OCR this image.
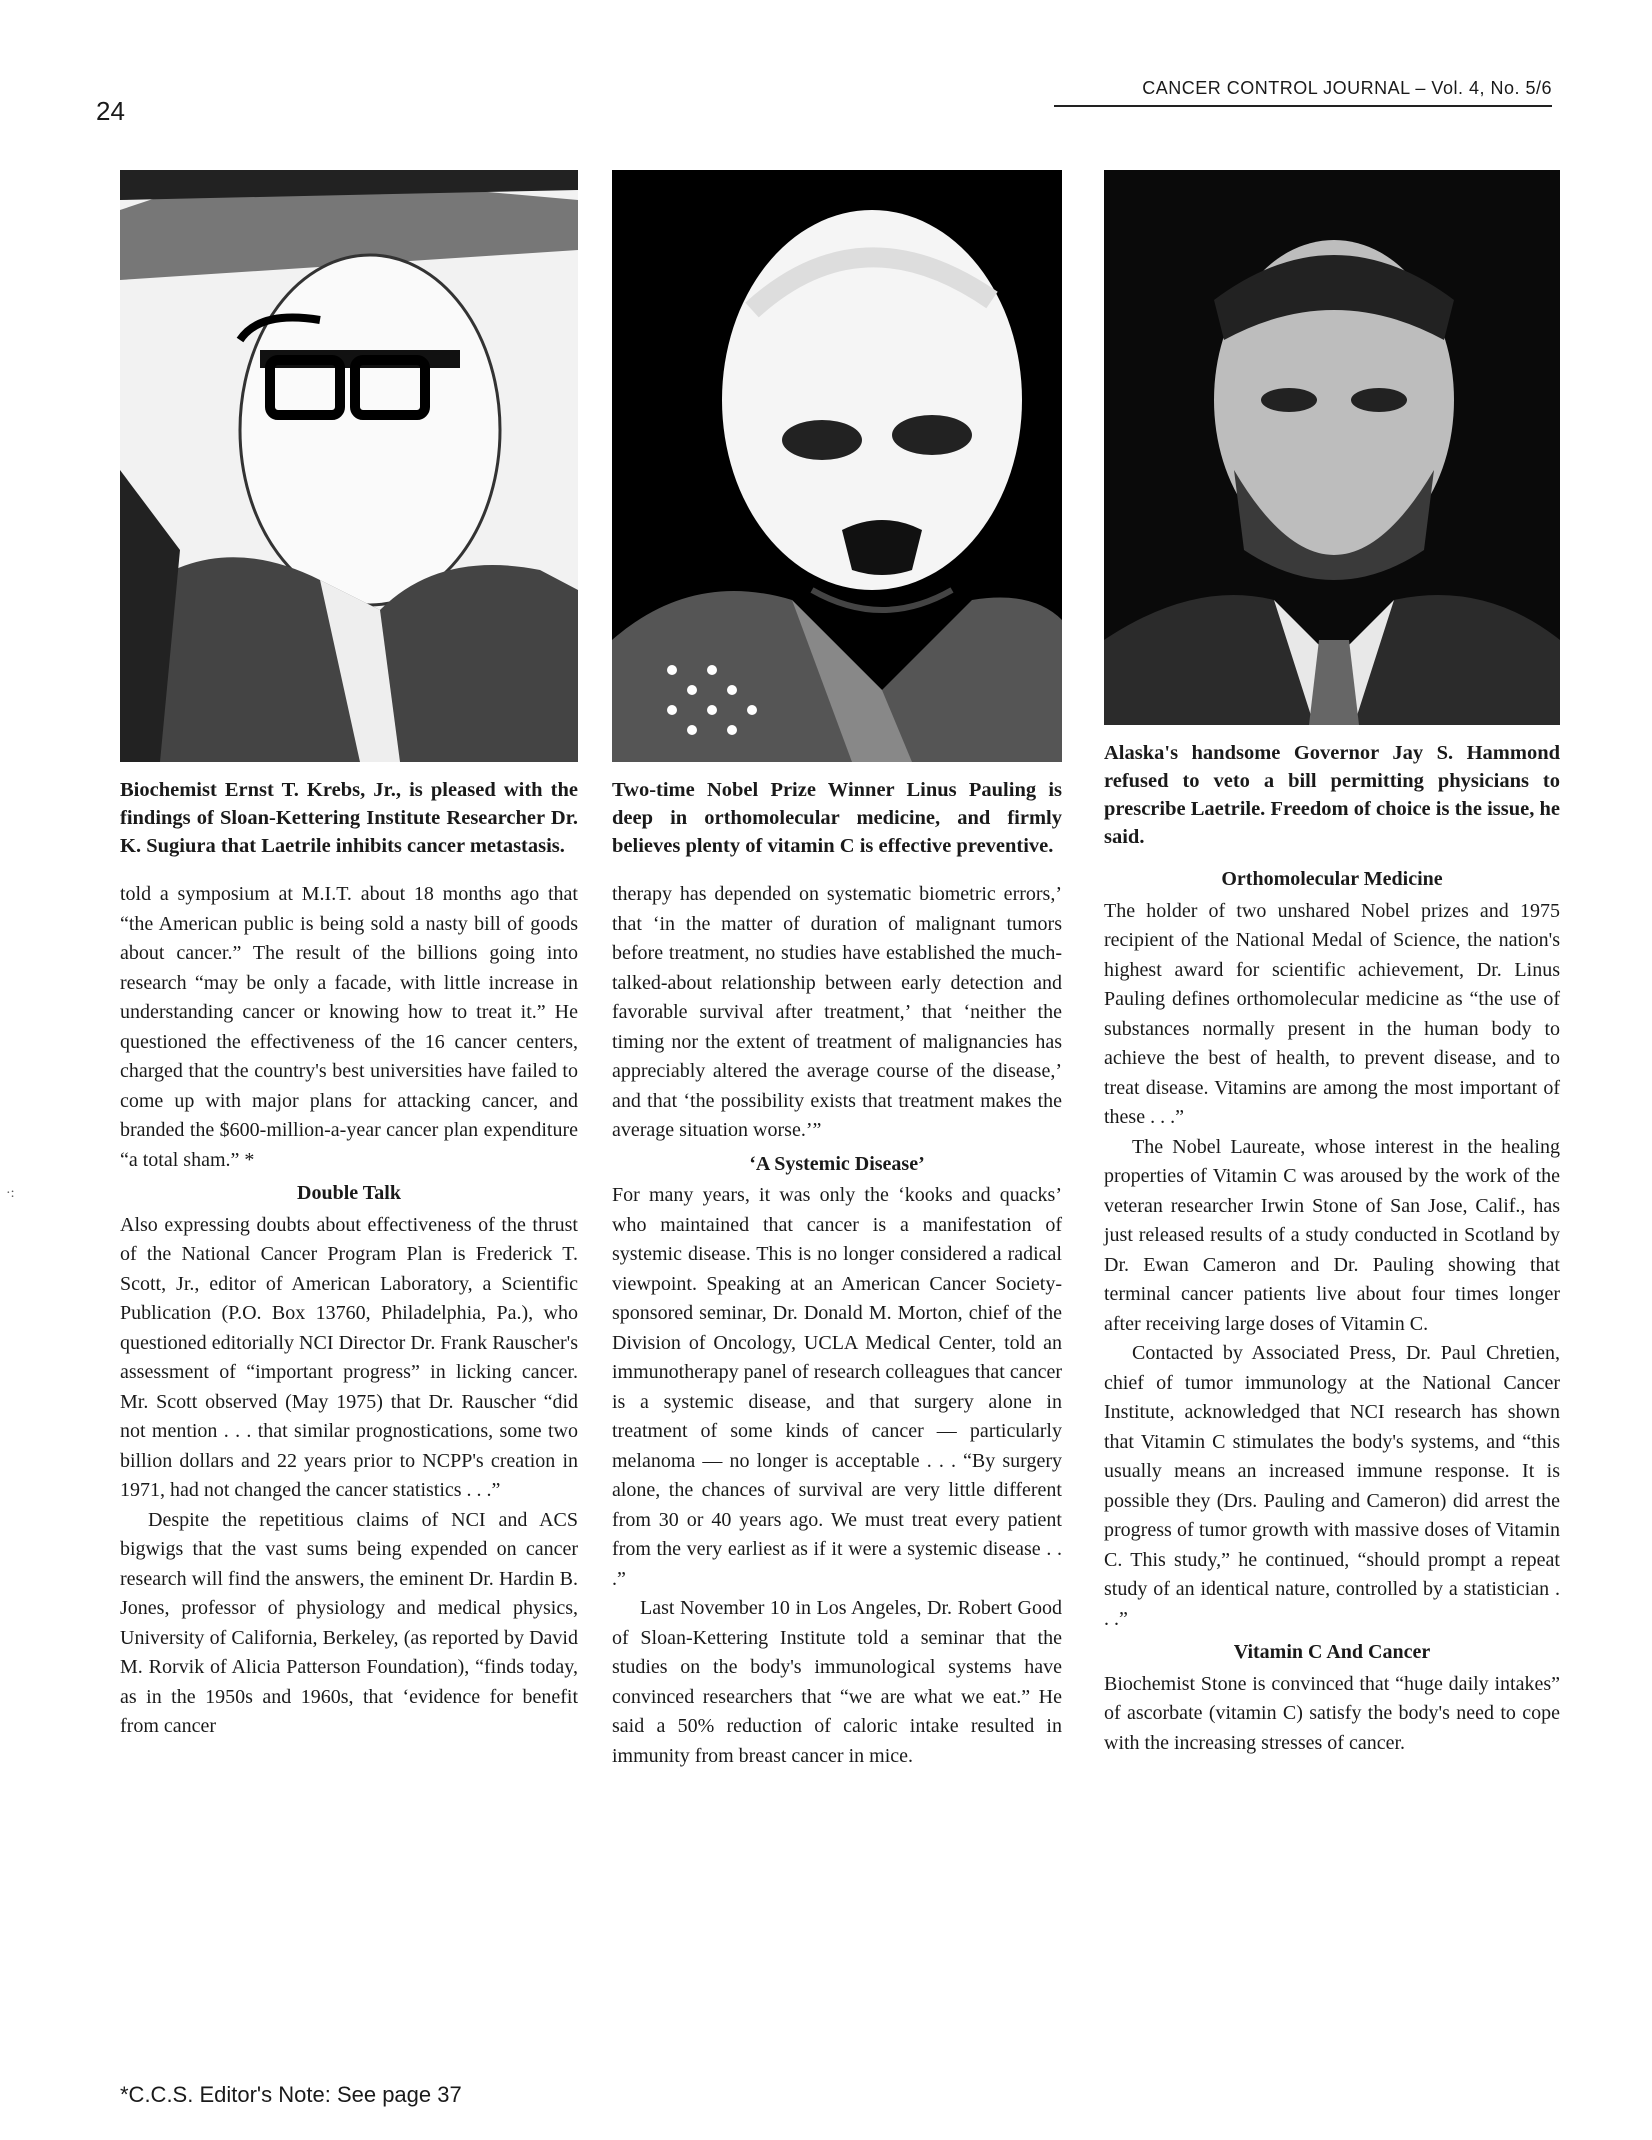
24
CANCER CONTROL JOURNAL – Vol. 4, No. 5/6
·:
Biochemist Ernst T. Krebs, Jr., is pleased with the findings of Sloan-Kettering Institute Researcher Dr. K. Sugiura that Laetrile inhibits cancer metastasis.

told a symposium at M.I.T. about 18 months ago that “the American public is being sold a nasty bill of goods about cancer.” The result of the billions going into research “may be only a facade, with little increase in understanding cancer or knowing how to treat it.” He questioned the effectiveness of the 16 cancer centers, charged that the country's best universities have failed to come up with major plans for attacking cancer, and branded the $600-million-a-year cancer plan expenditure “a total sham.” *

Double Talk

Also expressing doubts about effectiveness of the thrust of the National Cancer Program Plan is Frederick T. Scott, Jr., editor of American Laboratory, a Scientific Publication (P.O. Box 13760, Philadelphia, Pa.), who questioned editorially NCI Director Dr. Frank Rauscher's assessment of “important progress” in licking cancer. Mr. Scott observed (May 1975) that Dr. Rauscher “did not mention . . . that similar prognostications, some two billion dollars and 22 years prior to NCPP's creation in 1971, had not changed the cancer statistics . . .”

Despite the repetitious claims of NCI and ACS bigwigs that the vast sums being expended on cancer research will find the answers, the eminent Dr. Hardin B. Jones, professor of physiology and medical physics, University of California, Berkeley, (as reported by David M. Rorvik of Alicia Patterson Foundation), “finds today, as in the 1950s and 1960s, that ‘evidence for benefit from cancer

Two-time Nobel Prize Winner Linus Pauling is deep in orthomolecular medicine, and firmly believes plenty of vitamin C is effective preventive.

therapy has depended on systematic biometric errors,’ that ‘in the matter of duration of malignant tumors before treatment, no studies have established the much-talked-about relationship between early detection and favorable survival after treatment,’ that ‘neither the timing nor the extent of treatment of malignancies has appreciably altered the average course of the disease,’ and that ‘the possibility exists that treatment makes the average situation worse.’”

‘A Systemic Disease’

For many years, it was only the ‘kooks and quacks’ who maintained that cancer is a manifestation of systemic disease. This is no longer considered a radical viewpoint. Speaking at an American Cancer Society-sponsored seminar, Dr. Donald M. Morton, chief of the Division of Oncology, UCLA Medical Center, told an immunotherapy panel of research colleagues that cancer is a systemic disease, and that surgery alone in treatment of some kinds of cancer — particularly melanoma — no longer is acceptable . . . “By surgery alone, the chances of survival are very little different from 30 or 40 years ago. We must treat every patient from the very earliest as if it were a systemic disease . . .”

Last November 10 in Los Angeles, Dr. Robert Good of Sloan-Kettering Institute told a seminar that the studies on the body's immunological systems have convinced researchers that “we are what we eat.” He said a 50% reduction of caloric intake resulted in immunity from breast cancer in mice.

Alaska's handsome Governor Jay S. Hammond refused to veto a bill permitting physicians to prescribe Laetrile. Freedom of choice is the issue, he said.
Orthomolecular Medicine

The holder of two unshared Nobel prizes and 1975 recipient of the National Medal of Science, the nation's highest award for scientific achievement, Dr. Linus Pauling defines orthomolecular medicine as “the use of substances normally present in the human body to achieve the best of health, to prevent disease, and to treat disease. Vitamins are among the most important of these . . .”

The Nobel Laureate, whose interest in the healing properties of Vitamin C was aroused by the work of the veteran researcher Irwin Stone of San Jose, Calif., has just released results of a study conducted in Scotland by Dr. Ewan Cameron and Dr. Pauling showing that terminal cancer patients live about four times longer after receiving large doses of Vitamin C.

Contacted by Associated Press, Dr. Paul Chretien, chief of tumor immunology at the National Cancer Institute, acknowledged that NCI research has shown that Vitamin C stimulates the body's systems, and “this usually means an increased immune response. It is possible they (Drs. Pauling and Cameron) did arrest the progress of tumor growth with massive doses of Vitamin C. This study,” he continued, “should prompt a repeat study of an identical nature, controlled by a statistician . . .”

Vitamin C And Cancer

Biochemist Stone is convinced that “huge daily intakes” of ascorbate (vitamin C) satisfy the body's need to cope with the increasing stresses of cancer.

*C.C.S. Editor's Note: See page 37
